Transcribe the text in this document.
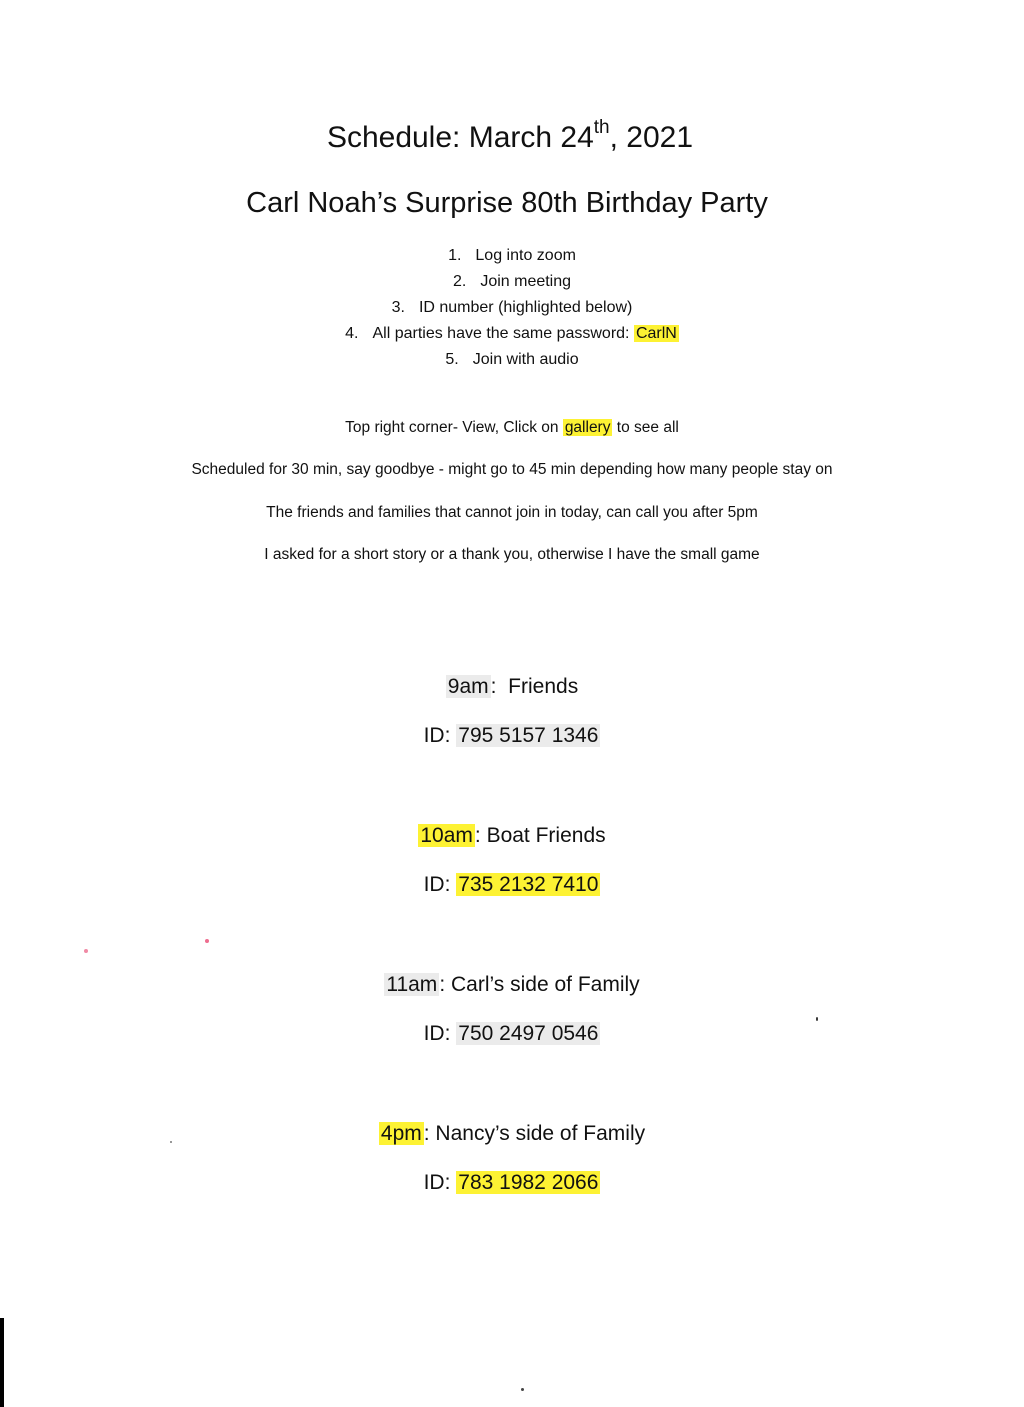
Schedule: March 24th, 2021
Carl Noah’s Surprise 80th Birthday Party
1. Log into zoom
2. Join meeting
3. ID number (highlighted below)
4. All parties have the same password: CarlN
5. Join with audio
Top right corner- View, Click on gallery to see all
Scheduled for 30 min, say goodbye - might go to 45 min depending how many people stay on
The friends and families that cannot join in today, can call you after 5pm
I asked for a short story or a thank you, otherwise I have the small game
9am:  Friends
ID: 795 5157 1346
10am: Boat Friends
ID: 735 2132 7410
11am: Carl’s side of Family
ID: 750 2497 0546
4pm: Nancy’s side of Family
ID: 783 1982 2066
